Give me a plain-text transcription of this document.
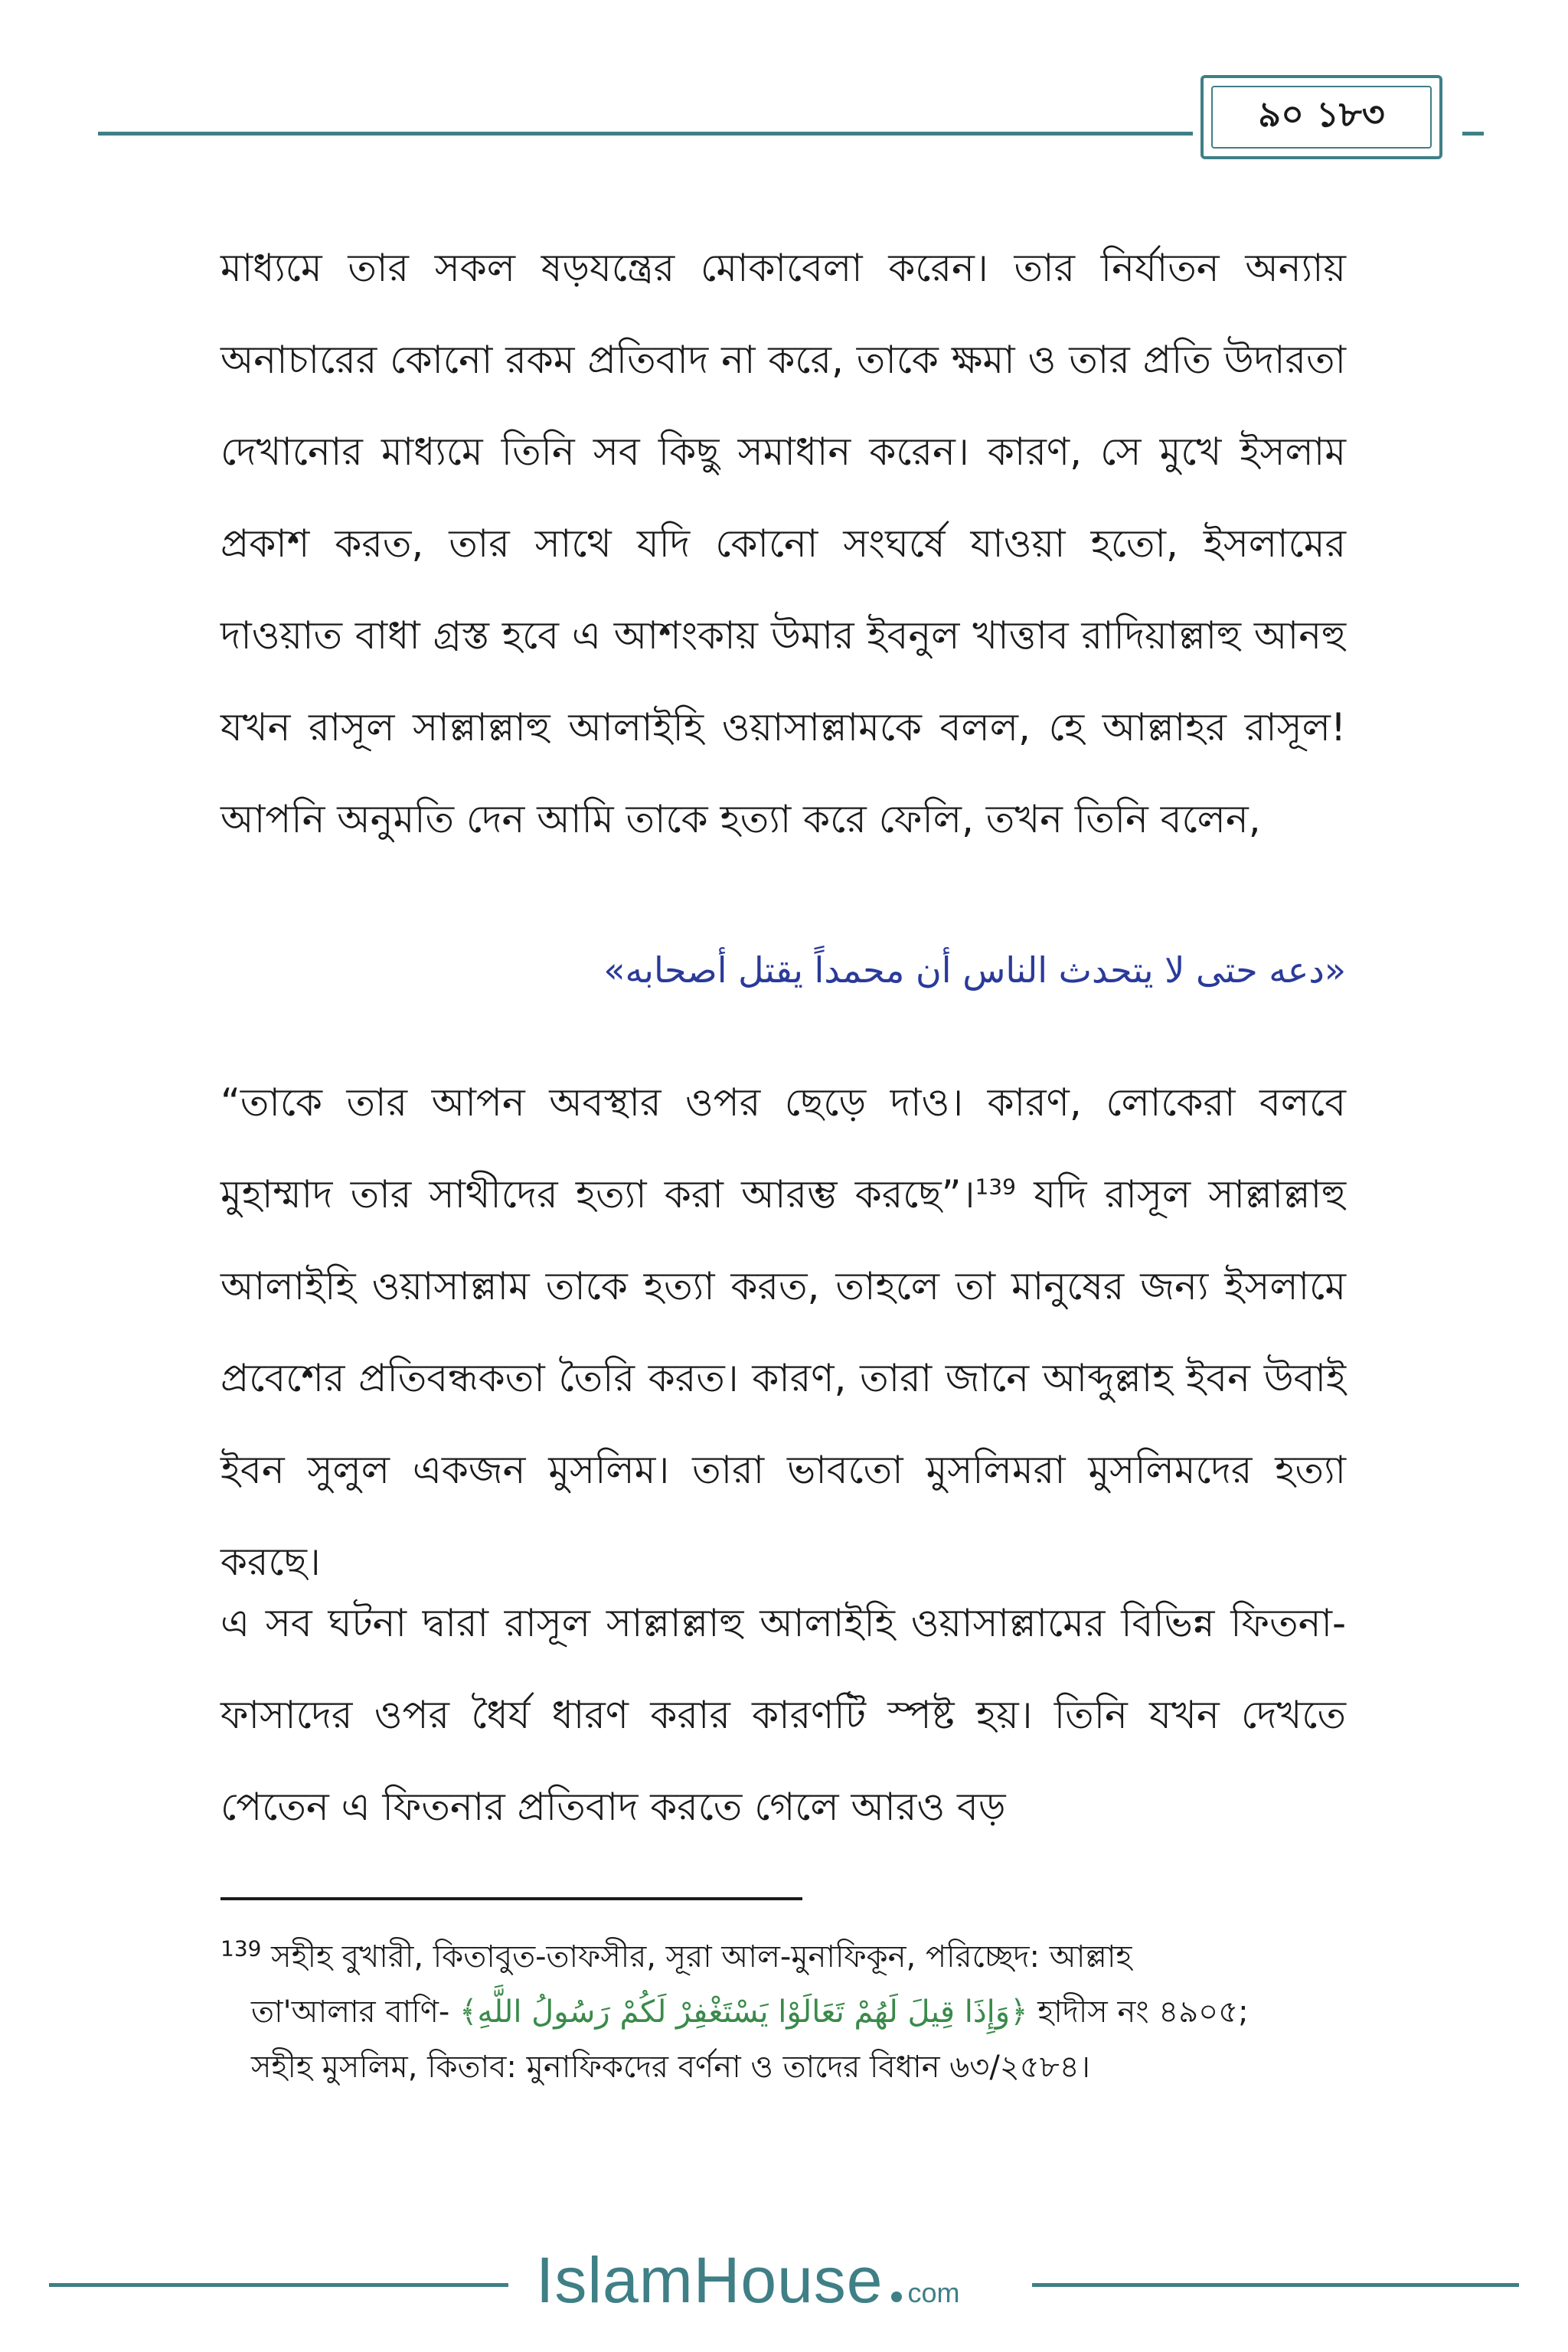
৯০ ১৮৩
মাধ্যমে তার সকল ষড়যন্ত্রের মোকাবেলা করেন। তার নির্যাতন অন্যায় অনাচারের কোনো রকম প্রতিবাদ না করে, তাকে ক্ষমা ও তার প্রতি উদারতা দেখানোর মাধ্যমে তিনি সব কিছু সমাধান করেন। কারণ, সে মুখে ইসলাম প্রকাশ করত, তার সাথে যদি কোনো সংঘর্ষে যাওয়া হতো, ইসলামের দাওয়াত বাধা গ্রস্ত হবে এ আশংকায় উমার ইবনুল খাত্তাব রাদিয়াল্লাহু আনহু যখন রাসূল সাল্লাল্লাহু আলাইহি ওয়াসাল্লামকে বলল, হে আল্লাহর রাসূল! আপনি অনুমতি দেন আমি তাকে হত্যা করে ফেলি, তখন তিনি বলেন,
«دعه حتى لا يتحدث الناس أن محمداً يقتل أصحابه»
“তাকে তার আপন অবস্থার ওপর ছেড়ে দাও। কারণ, লোকেরা বলবে মুহাম্মাদ তার সাথীদের হত্যা করা আরম্ভ করছে”।$^{139}$ যদি রাসূল সাল্লাল্লাহু আলাইহি ওয়াসাল্লাম তাকে হত্যা করত, তাহলে তা মানুষের জন্য ইসলামে প্রবেশের প্রতিবন্ধকতা তৈরি করত। কারণ, তারা জানে আব্দুল্লাহ ইবন উবাই ইবন সুলুল একজন মুসলিম। তারা ভাবতো মুসলিমরা মুসলিমদের হত্যা করছে।
এ সব ঘটনা দ্বারা রাসূল সাল্লাল্লাহু আলাইহি ওয়াসাল্লামের বিভিন্ন ফিতনা-ফাসাদের ওপর ধৈর্য ধারণ করার কারণটি স্পষ্ট হয়। তিনি যখন দেখতে পেতেন এ ফিতনার প্রতিবাদ করতে গেলে আরও বড়
$^{139}$ সহীহ বুখারী, কিতাবুত-তাফসীর, সূরা আল-মুনাফিকূন, পরিচ্ছেদ: আল্লাহ
তা'আলার বাণি- ﴿وَإِذَا قِيلَ لَهُمْ تَعَالَوْا يَسْتَغْفِرْ لَكُمْ رَسُولُ اللَّهِ﴾ হাদীস নং ৪৯০৫;
সহীহ মুসলিম, কিতাব: মুনাফিকদের বর্ণনা ও তাদের বিধান ৬৩/২৫৮৪।
IslamHouse com
